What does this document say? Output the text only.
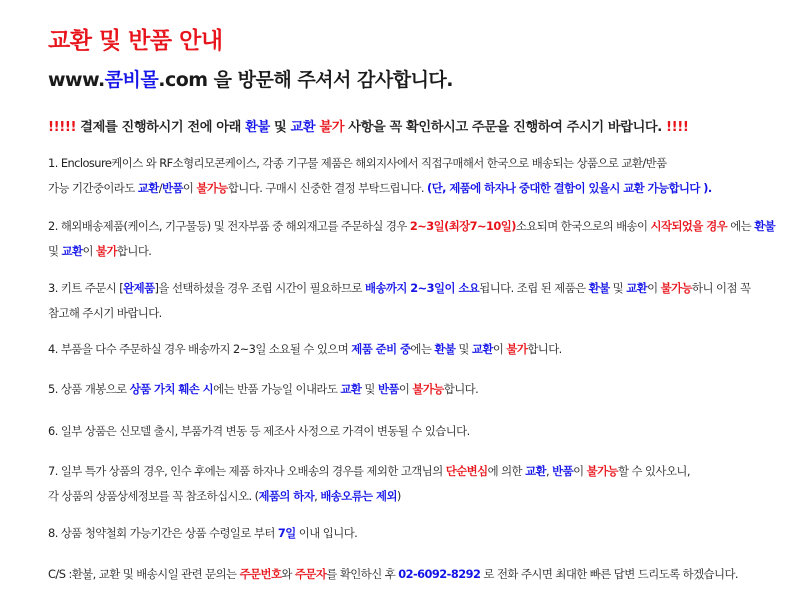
교환 및 반품 안내
www.콤비몰.com 을 방문해 주셔서 감사합니다.
!!!!! 결제를 진행하시기 전에 아래 환불 및 교환 불가 사항을 꼭 확인하시고 주문을 진행하여 주시기 바랍니다. !!!!
1. Enclosure케이스 와 RF소형리모콘케이스, 각종 기구물 제품은 해외지사에서 직접구매해서 한국으로 배송되는 상품으로 교환/반품
가능 기간중이라도 교환/반품이 불가능합니다. 구매시 신중한 결정 부탁드립니다. (단, 제품에 하자나 중대한 결함이 있을시 교환 가능합니다 ).
2. 해외배송제품(케이스, 기구물등) 및 전자부품 중 해외재고를 주문하실 경우 2~3일(최장7~10일)소요되며 한국으로의 배송이 시작되었을 경우 에는 환불
및 교환이 불가합니다.
3. 키트 주문시 [완제품]을 선택하셨을 경우 조립 시간이 필요하므로 배송까지 2~3일이 소요됩니다. 조립 된 제품은 환불 및 교환이 불가능하니 이점 꼭
참고해 주시기 바랍니다.
4. 부품을 다수 주문하실 경우 배송까지 2~3일 소요될 수 있으며 제품 준비 중에는 환불 및 교환이 불가합니다.
5. 상품 개봉으로 상품 가치 훼손 시에는 반품 가능일 이내라도 교환 및 반품이 불가능합니다.
6. 일부 상품은 신모델 출시, 부품가격 변동 등 제조사 사정으로 가격이 변동될 수 있습니다.
7. 일부 특가 상품의 경우, 인수 후에는 제품 하자나 오배송의 경우를 제외한 고객님의 단순변심에 의한 교환, 반품이 불가능할 수 있사오니,
각 상품의 상품상세정보를 꼭 참조하십시오. (제품의 하자, 배송오류는 제외)
8. 상품 청약철회 가능기간은 상품 수령일로 부터 7일 이내 입니다.
C/S :환불, 교환 및 배송시일 관련 문의는 주문번호와 주문자를 확인하신 후 02-6092-8292 로 전화 주시면 최대한 빠른 답변 드리도록 하겠습니다.
